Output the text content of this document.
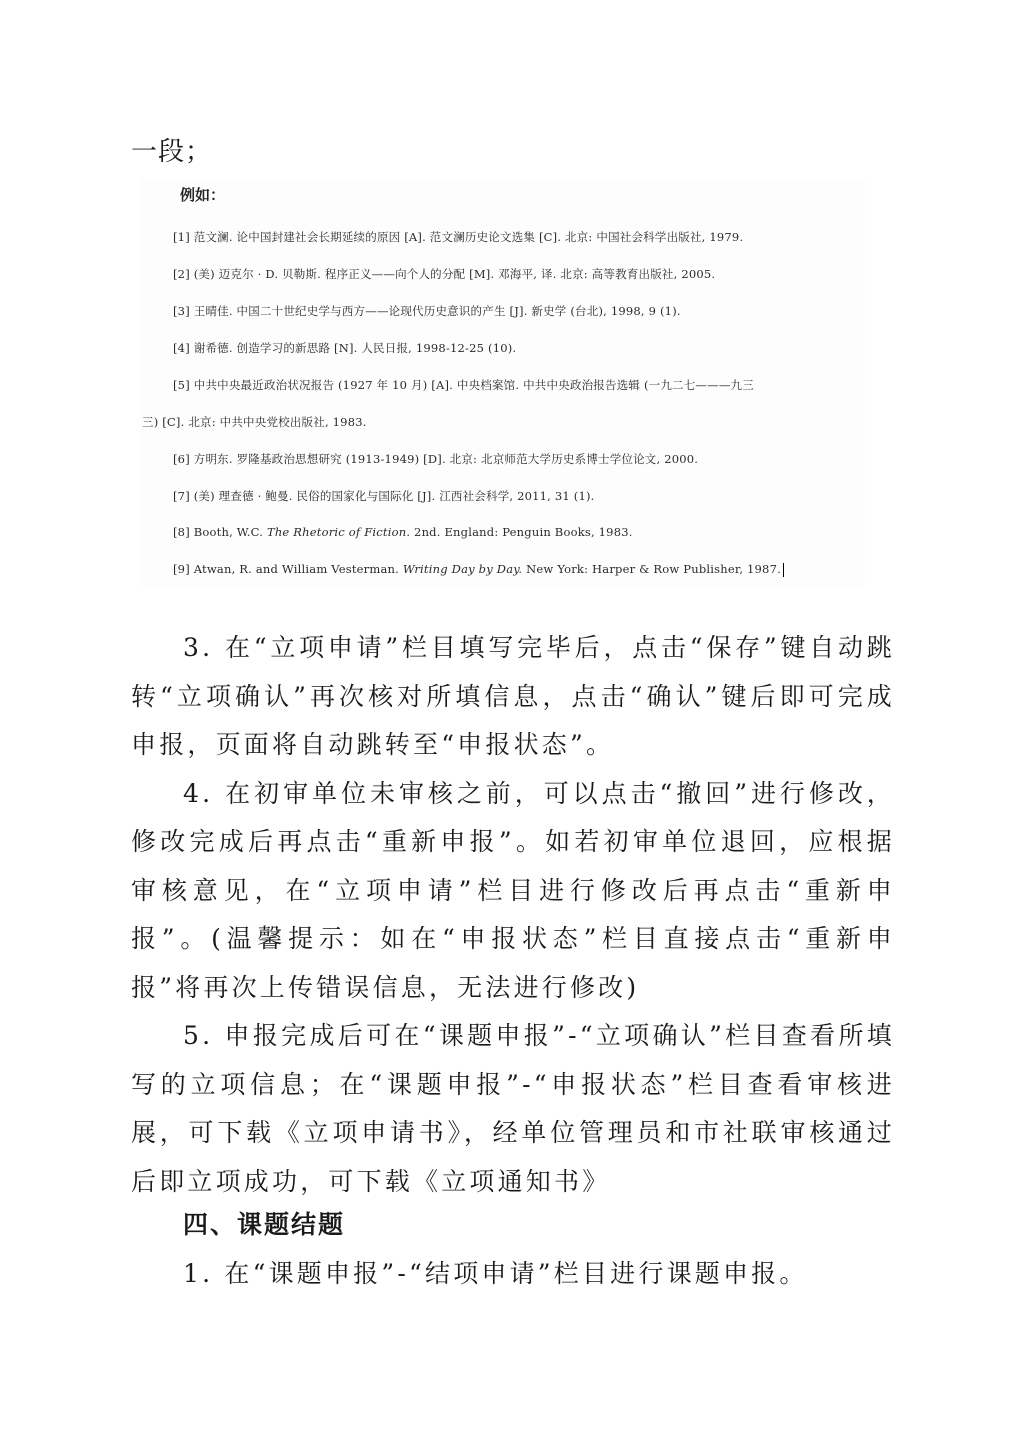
一段；
例如：
[1] 范文澜. 论中国封建社会长期延续的原因 [A]. 范文澜历史论文选集 [C]. 北京: 中国社会科学出版社, 1979.
[2] (美) 迈克尔 · D. 贝勒斯. 程序正义——向个人的分配 [M]. 邓海平, 译. 北京: 高等教育出版社, 2005.
[3] 王晴佳. 中国二十世纪史学与西方——论现代历史意识的产生 [J]. 新史学 (台北), 1998, 9 (1).
[4] 谢希德. 创造学习的新思路 [N]. 人民日报, 1998-12-25 (10).
[5] 中共中央最近政治状况报告 (1927 年 10 月) [A]. 中央档案馆. 中共中央政治报告选辑 (一九二七———九三
三) [C]. 北京: 中共中央党校出版社, 1983.
[6] 方明东. 罗隆基政治思想研究 (1913-1949) [D]. 北京: 北京师范大学历史系博士学位论文, 2000.
[7] (美) 理查德 · 鲍曼. 民俗的国家化与国际化 [J]. 江西社会科学, 2011, 31 (1).
[8] Booth, W.C. The Rhetoric of Fiction. 2nd. England: Penguin Books, 1983.
[9] Atwan, R. and William Vesterman. Writing Day by Day. New York: Harper & Row Publisher, 1987.

3. 在“立项申请”栏目填写完毕后，点击“保存”键自动跳转“立项确认”再次核对所填信息，点击“确认”键后即可完成申报，页面将自动跳转至“申报状态”。

4. 在初审单位未审核之前，可以点击“撤回”进行修改，修改完成后再点击“重新申报”。如若初审单位退回，应根据审核意见，在“立项申请”栏目进行修改后再点击“重新申报”。(温馨提示：如在“申报状态”栏目直接点击“重新申报”将再次上传错误信息，无法进行修改)

5. 申报完成后可在“课题申报”-“立项确认”栏目查看所填写的立项信息；在“课题申报”-“申报状态”栏目查看审核进展，可下载《立项申请书》，经单位管理员和市社联审核通过后即立项成功，可下载《立项通知书》

四、课题结题
1. 在“课题申报”-“结项申请”栏目进行课题申报。
